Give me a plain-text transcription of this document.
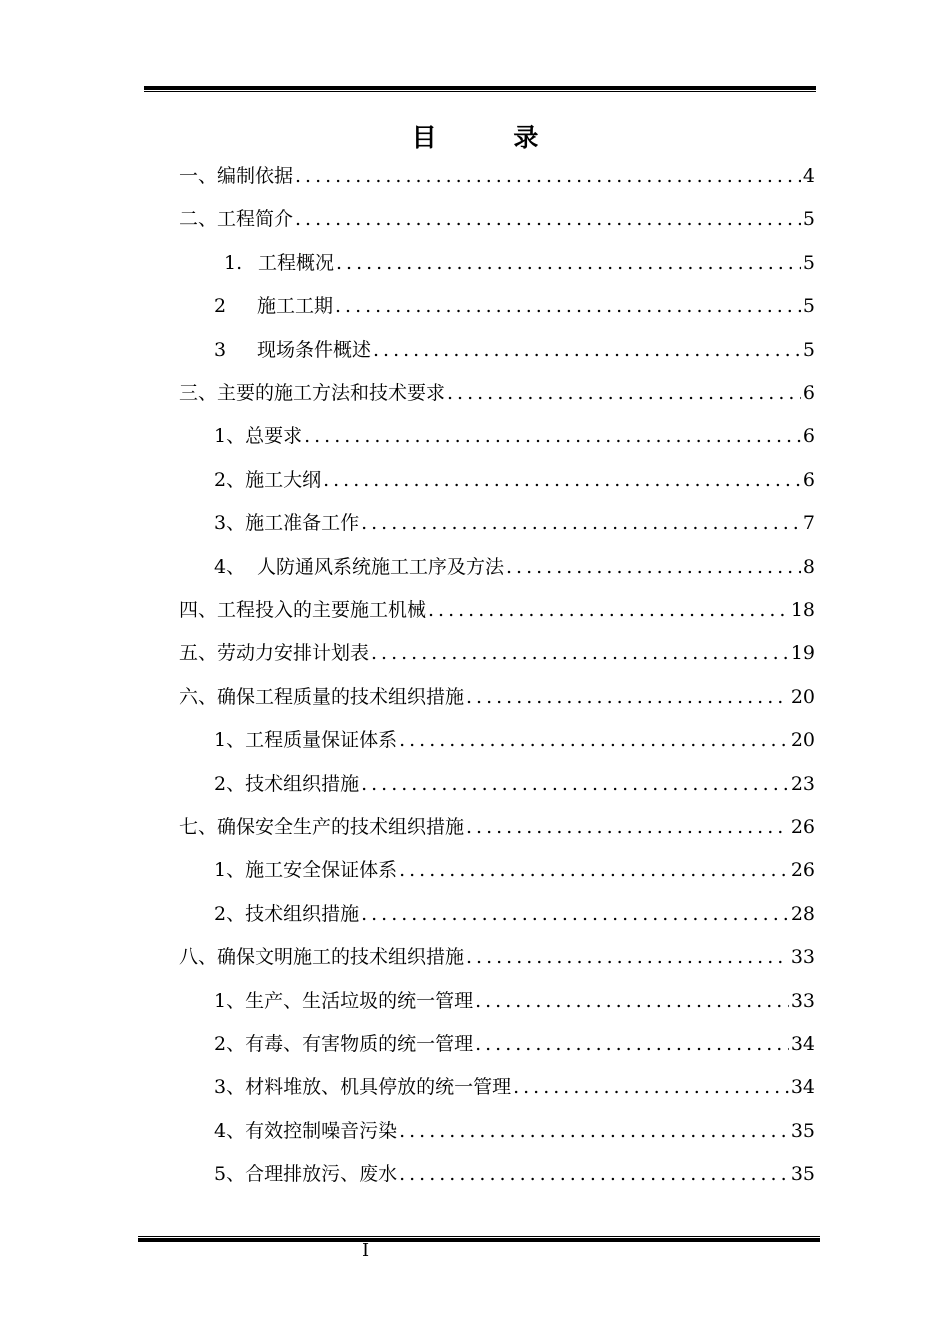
目 录
一、编制依据 .....	4
二、工程简介 .....	5
1. 工程概况 .....	5
2	施工工期 .....	5
3	现场条件概述 .....	5
三、主要的施工方法和技术要求 .....	6
1、总要求 .....	6
2、施工大纲 .....	6
3、施工准备工作 .....	7
4、 人防通风系统施工工序及方法 .....	8
四、工程投入的主要施工机械 .....	18
五、劳动力安排计划表 .....	19
六、确保工程质量的技术组织措施 .....	20
1、工程质量保证体系 .....	20
2、技术组织措施 .....	23
七、确保安全生产的技术组织措施 .....	26
1、施工安全保证体系 .....	26
2、技术组织措施 .....	28
八、确保文明施工的技术组织措施 .....	33
1、生产、生活垃圾的统一管理 .....	33
2、有毒、有害物质的统一管理 .....	34
3、材料堆放、机具停放的统一管理 .....	34
4、有效控制噪音污染 .....	35
5、合理排放污、废水 .....	35
I
